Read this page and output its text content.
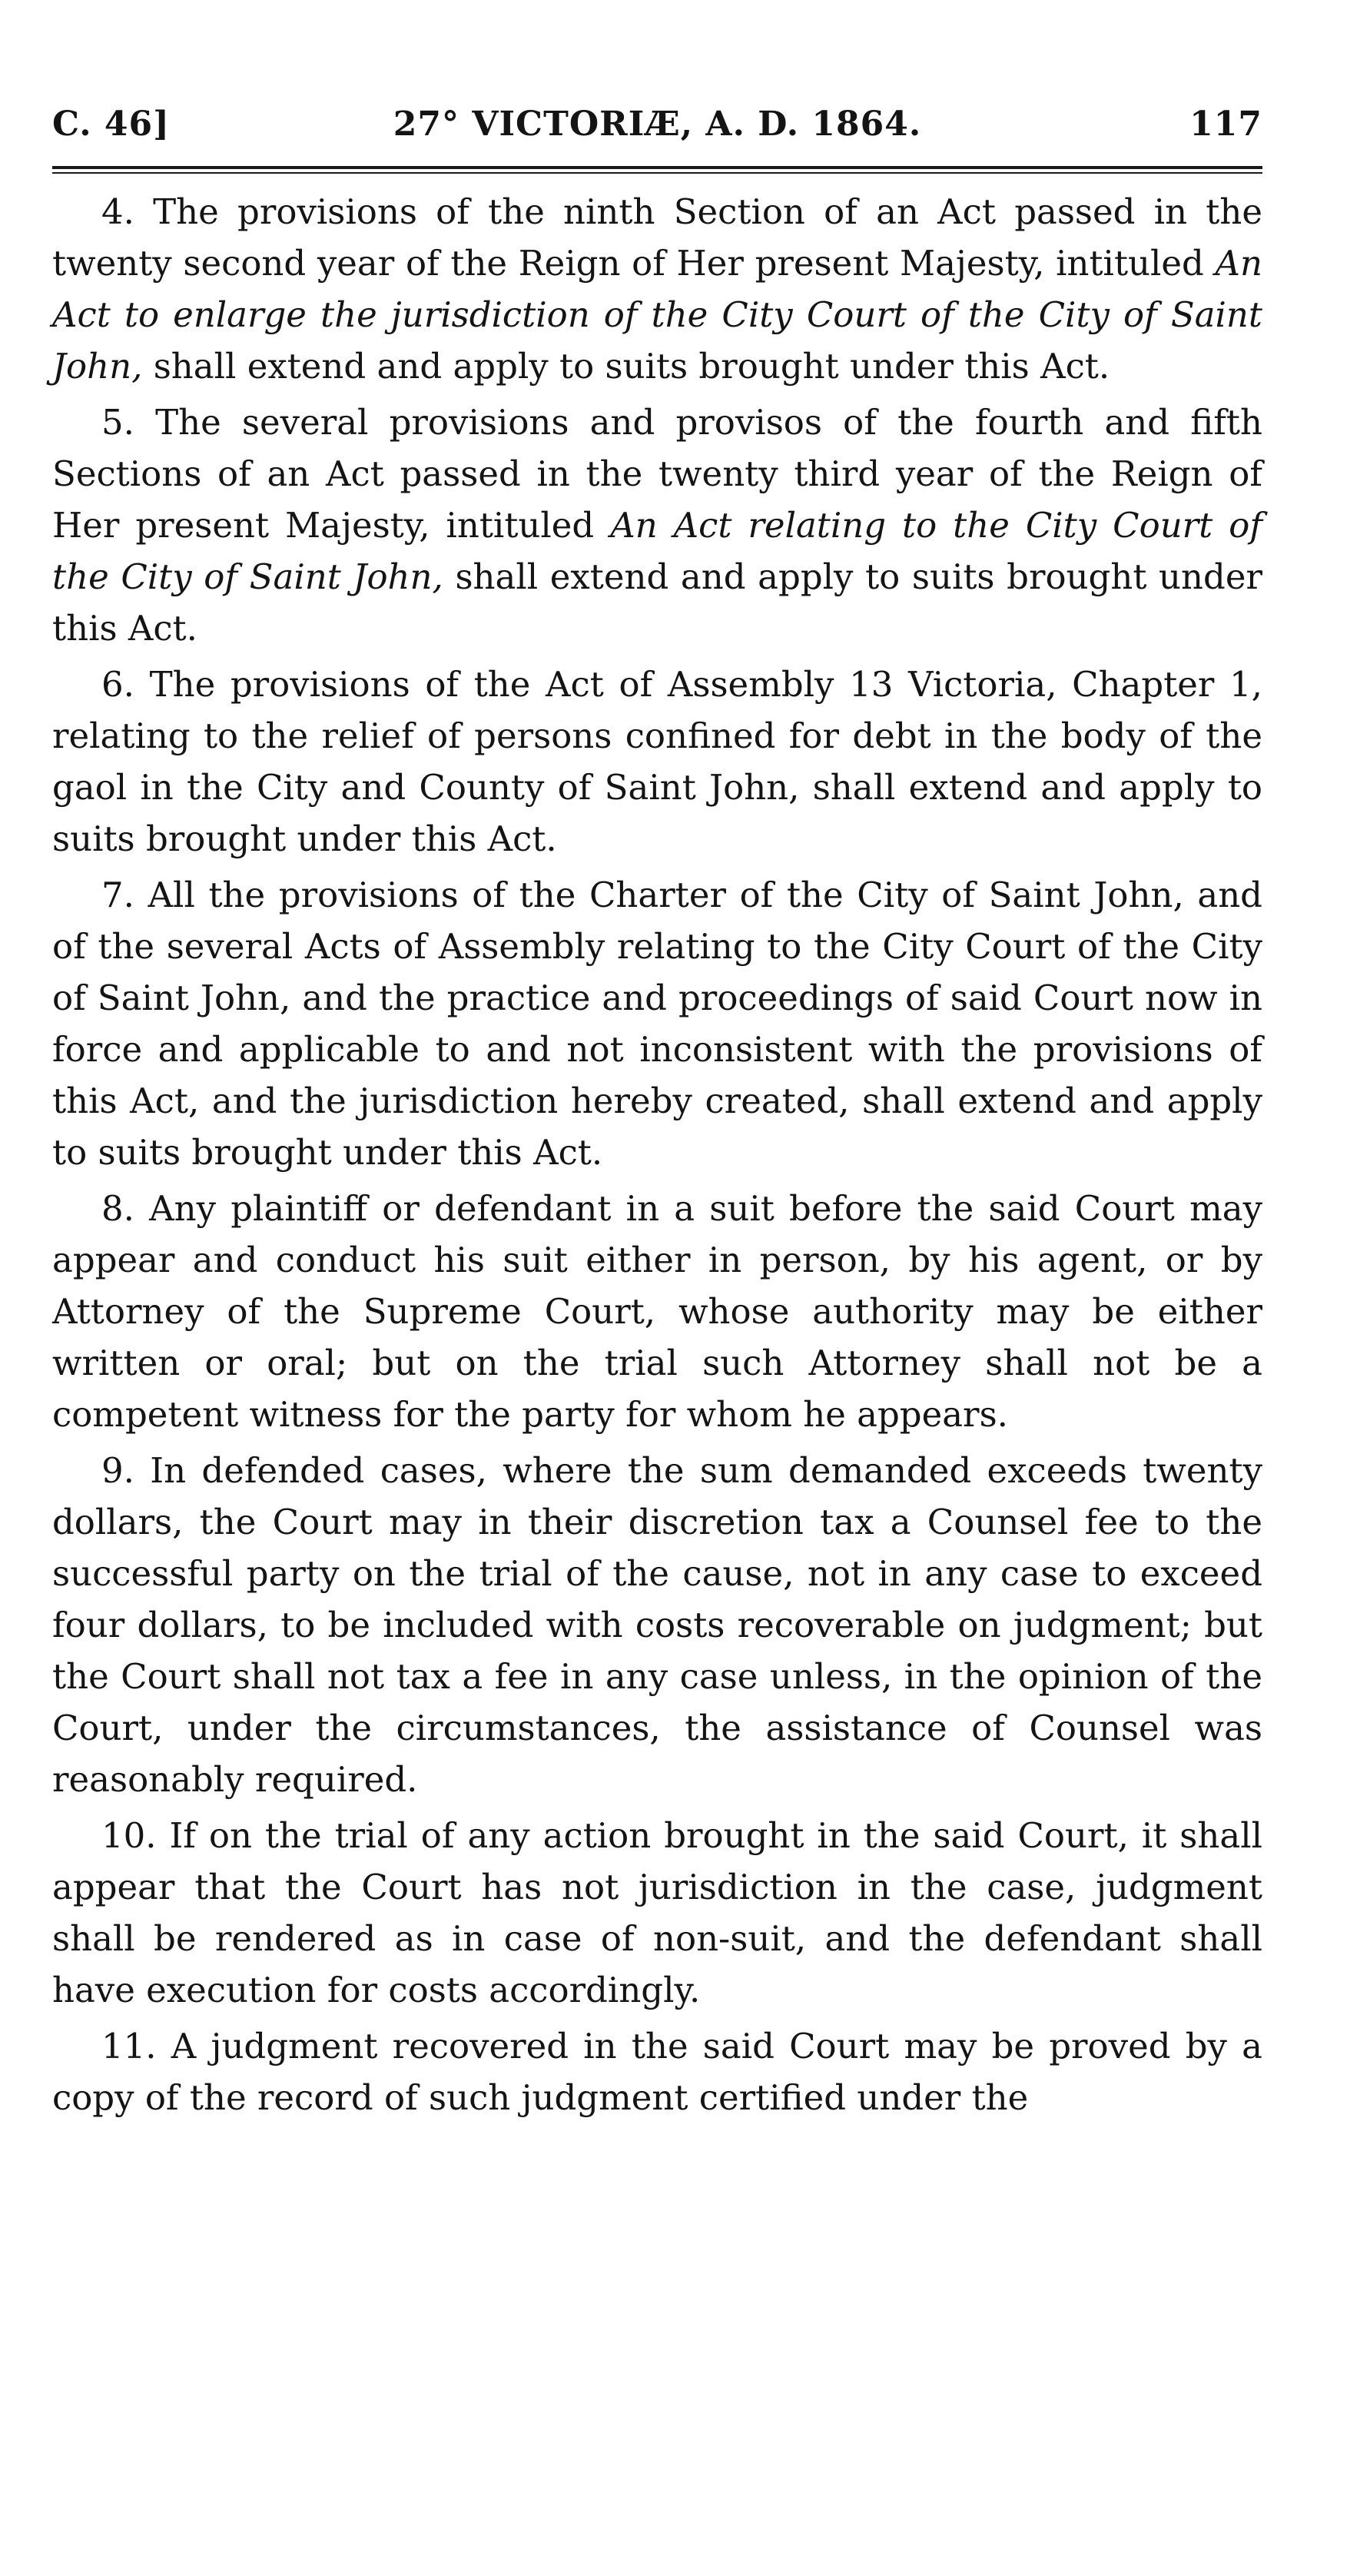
C. 46]	27° VICTORIÆ, A. D. 1864.	117

4. The provisions of the ninth Section of an Act passed in the twenty second year of the Reign of Her present Majesty, intituled An Act to enlarge the jurisdiction of the City Court of the City of Saint John, shall extend and apply to suits brought under this Act.

5. The several provisions and provisos of the fourth and fifth Sections of an Act passed in the twenty third year of the Reign of Her present Majesty, intituled An Act relating to the City Court of the City of Saint John, shall extend and apply to suits brought under this Act.

6. The provisions of the Act of Assembly 13 Victoria, Chapter 1, relating to the relief of persons confined for debt in the body of the gaol in the City and County of Saint John, shall extend and apply to suits brought under this Act.

7. All the provisions of the Charter of the City of Saint John, and of the several Acts of Assembly relating to the City Court of the City of Saint John, and the practice and proceedings of said Court now in force and applicable to and not inconsistent with the provisions of this Act, and the jurisdiction hereby created, shall extend and apply to suits brought under this Act.

8. Any plaintiff or defendant in a suit before the said Court may appear and conduct his suit either in person, by his agent, or by Attorney of the Supreme Court, whose authority may be either written or oral; but on the trial such Attorney shall not be a competent witness for the party for whom he appears.

9. In defended cases, where the sum demanded exceeds twenty dollars, the Court may in their discretion tax a Counsel fee to the successful party on the trial of the cause, not in any case to exceed four dollars, to be included with costs recoverable on judgment; but the Court shall not tax a fee in any case unless, in the opinion of the Court, under the circumstances, the assistance of Counsel was reasonably required.

10. If on the trial of any action brought in the said Court, it shall appear that the Court has not jurisdiction in the case, judgment shall be rendered as in case of non-suit, and the defendant shall have execution for costs accordingly.

11. A judgment recovered in the said Court may be proved by a copy of the record of such judgment certified under the
